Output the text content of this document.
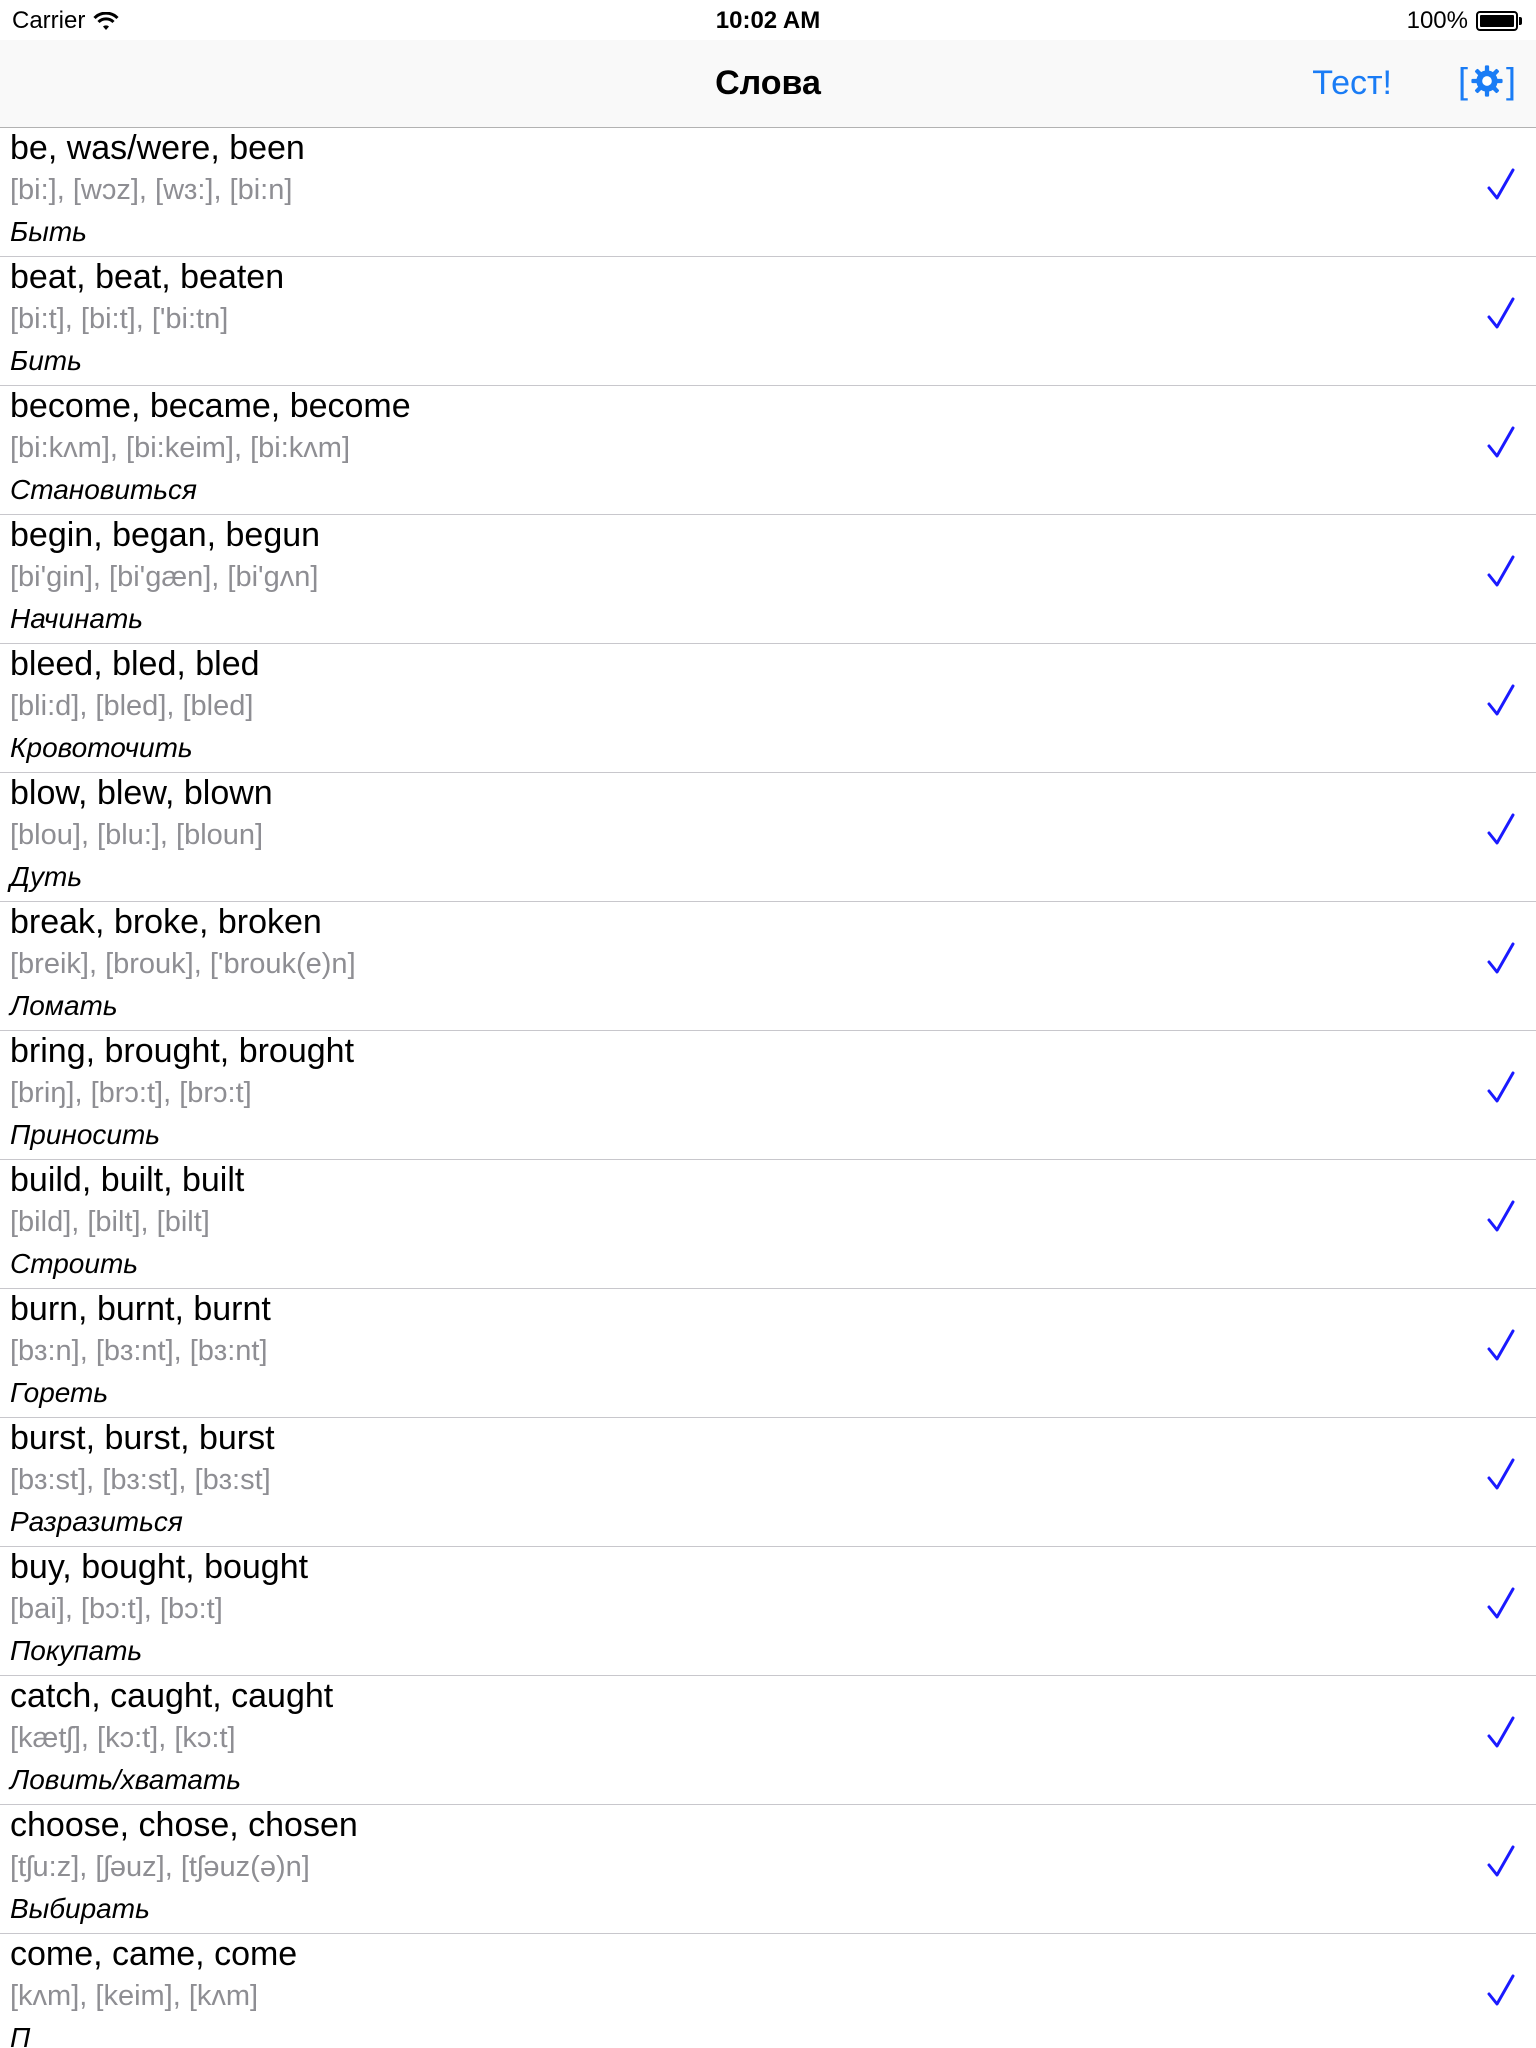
Carrier	10:02 AM	100%
Слова	Тест! [ ]
be, was/were, been
[bi:], [wɔz], [wɜ:], [bi:n]
Быть
beat, beat, beaten
[bi:t], [bi:t], ['bi:tn]
Бить
become, became, become
[bi:kʌm], [bi:keim], [bi:kʌm]
Становиться
begin, began, begun
[bi'gin], [bi'gæn], [bi'gʌn]
Начинать
bleed, bled, bled
[bli:d], [bled], [bled]
Кровоточить
blow, blew, blown
[blou], [blu:], [bloun]
Дуть
break, broke, broken
[breik], [brouk], ['brouk(e)n]
Ломать
bring, brought, brought
[briŋ], [brɔ:t], [brɔ:t]
Приносить
build, built, built
[bild], [bilt], [bilt]
Строить
burn, burnt, burnt
[bɜ:n], [bɜ:nt], [bɜ:nt]
Гореть
burst, burst, burst
[bɜ:st], [bɜ:st], [bɜ:st]
Разразиться
buy, bought, bought
[bai], [bɔ:t], [bɔ:t]
Покупать
catch, caught, caught
[kætʃ], [kɔ:t], [kɔ:t]
Ловить/хватать
choose, chose, chosen
[tʃu:z], [ʃəuz], [tʃəuz(ə)n]
Выбирать
come, came, come
[kʌm], [keim], [kʌm]
П
